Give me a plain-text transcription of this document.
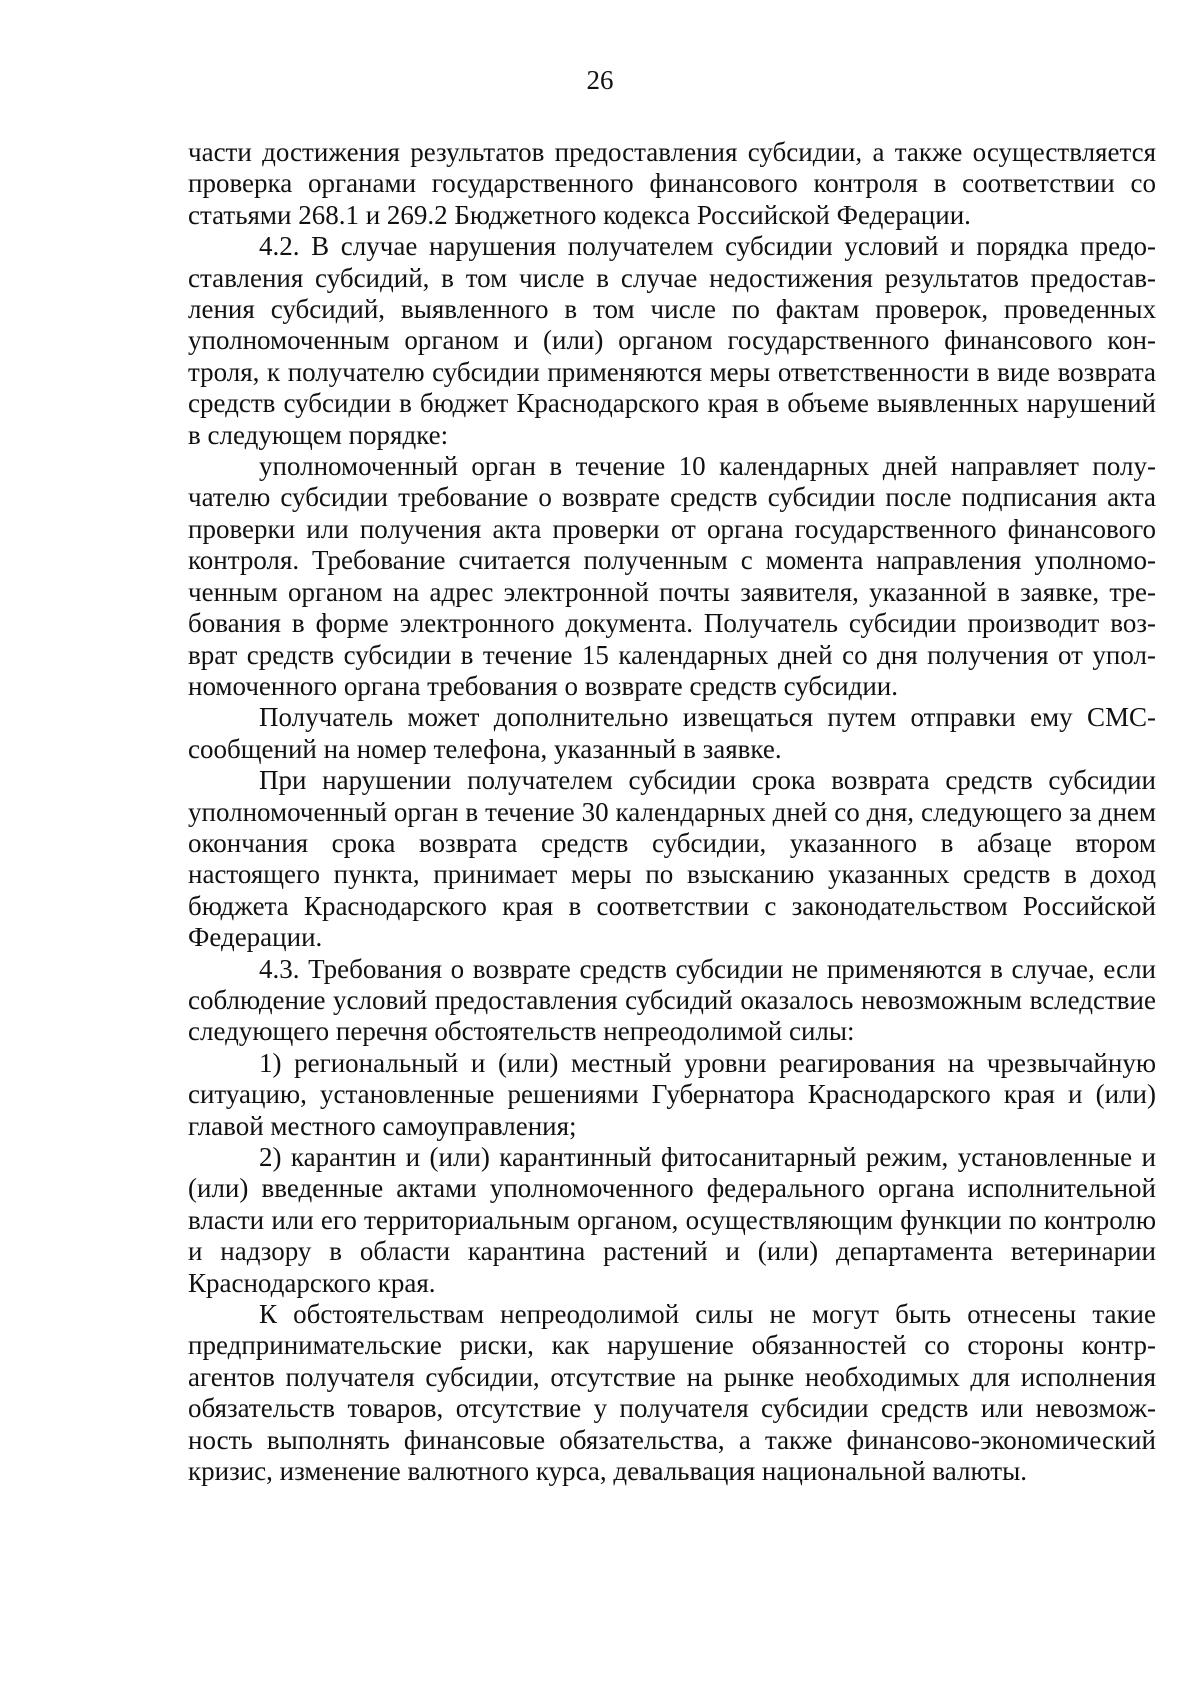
26

части достижения результатов предоставления субсидии, а также осуществляется проверка органами государственного финансового контроля в соответствии со статьями 268.1 и 269.2 Бюджетного кодекса Российской Федерации.

4.2. В случае нарушения получателем субсидии условий и порядка предоставления субсидий, в том числе в случае недостижения результатов предоставления субсидий, выявленного в том числе по фактам проверок, проведенных уполномоченным органом и (или) органом государственного финансового контроля, к получателю субсидии применяются меры ответственности в виде возврата средств субсидии в бюджет Краснодарского края в объеме выявленных нарушений в следующем порядке:

уполномоченный орган в течение 10 календарных дней направляет получателю субсидии требование о возврате средств субсидии после подписания акта проверки или получения акта проверки от органа государственного финансового контроля. Требование считается полученным с момента направления уполномоченным органом на адрес электронной почты заявителя, указанной в заявке, требования в форме электронного документа. Получатель субсидии производит возврат средств субсидии в течение 15 календарных дней со дня получения от уполномоченного органа требования о возврате средств субсидии.

Получатель может дополнительно извещаться путем отправки ему СМС-сообщений на номер телефона, указанный в заявке.

При нарушении получателем субсидии срока возврата средств субсидии уполномоченный орган в течение 30 календарных дней со дня, следующего за днем окончания срока возврата средств субсидии, указанного в абзаце втором настоящего пункта, принимает меры по взысканию указанных средств в доход бюджета Краснодарского края в соответствии с законодательством Российской Федерации.

4.3. Требования о возврате средств субсидии не применяются в случае, если соблюдение условий предоставления субсидий оказалось невозможным вследствие следующего перечня обстоятельств непреодолимой силы:

1) региональный и (или) местный уровни реагирования на чрезвычайную ситуацию, установленные решениями Губернатора Краснодарского края и (или) главой местного самоуправления;

2) карантин и (или) карантинный фитосанитарный режим, установленные и (или) введенные актами уполномоченного федерального органа исполнительной власти или его территориальным органом, осуществляющим функции по контролю и надзору в области карантина растений и (или) департамента ветеринарии Краснодарского края.

К обстоятельствам непреодолимой силы не могут быть отнесены такие предпринимательские риски, как нарушение обязанностей со стороны контрагентов получателя субсидии, отсутствие на рынке необходимых для исполнения обязательств товаров, отсутствие у получателя субсидии средств или невозможность выполнять финансовые обязательства, а также финансово-экономический кризис, изменение валютного курса, девальвация национальной валюты.
